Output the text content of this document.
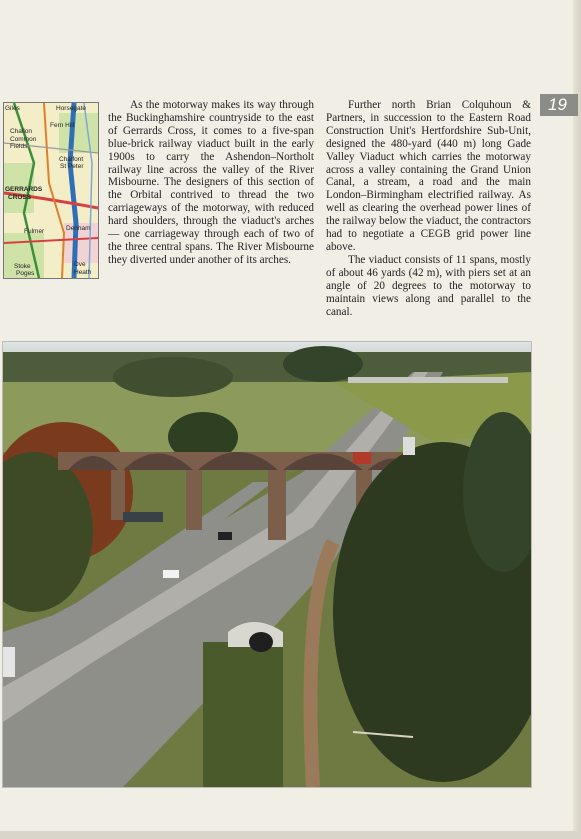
19
Giles	Horsegate
Fern Hill
Challon
Common
Fields
Chalfont
St Peter
GERRARDS
CROSS
Fulmer	Denham
Stoke
Poges
Dve
Heath

As the motorway makes its way through the Buckinghamshire countryside to the east of Gerrards Cross, it comes to a five-span blue-brick railway viaduct built in the early 1900s to carry the Ashendon–Northolt railway line across the valley of the River Misbourne. The designers of this section of the Orbital contrived to thread the two carriageways of the motorway, with reduced hard shoulders, through the viaduct's arches — one carriageway through each of two of the three central spans. The River Misbourne they diverted under another of its arches.

Further north Brian Colquhoun & Partners, in succession to the Eastern Road Construction Unit's Hertfordshire Sub-Unit, designed the 480-yard (440 m) long Gade Valley Viaduct which carries the motorway across a valley containing the Grand Union Canal, a stream, a road and the main London–Birmingham electrified railway. As well as clearing the overhead power lines of the railway below the viaduct, the contractors had to negotiate a CEGB grid power line above.

The viaduct consists of 11 spans, mostly of about 46 yards (42 m), with piers set at an angle of 20 degrees to the motorway to maintain views along and parallel to the canal.
